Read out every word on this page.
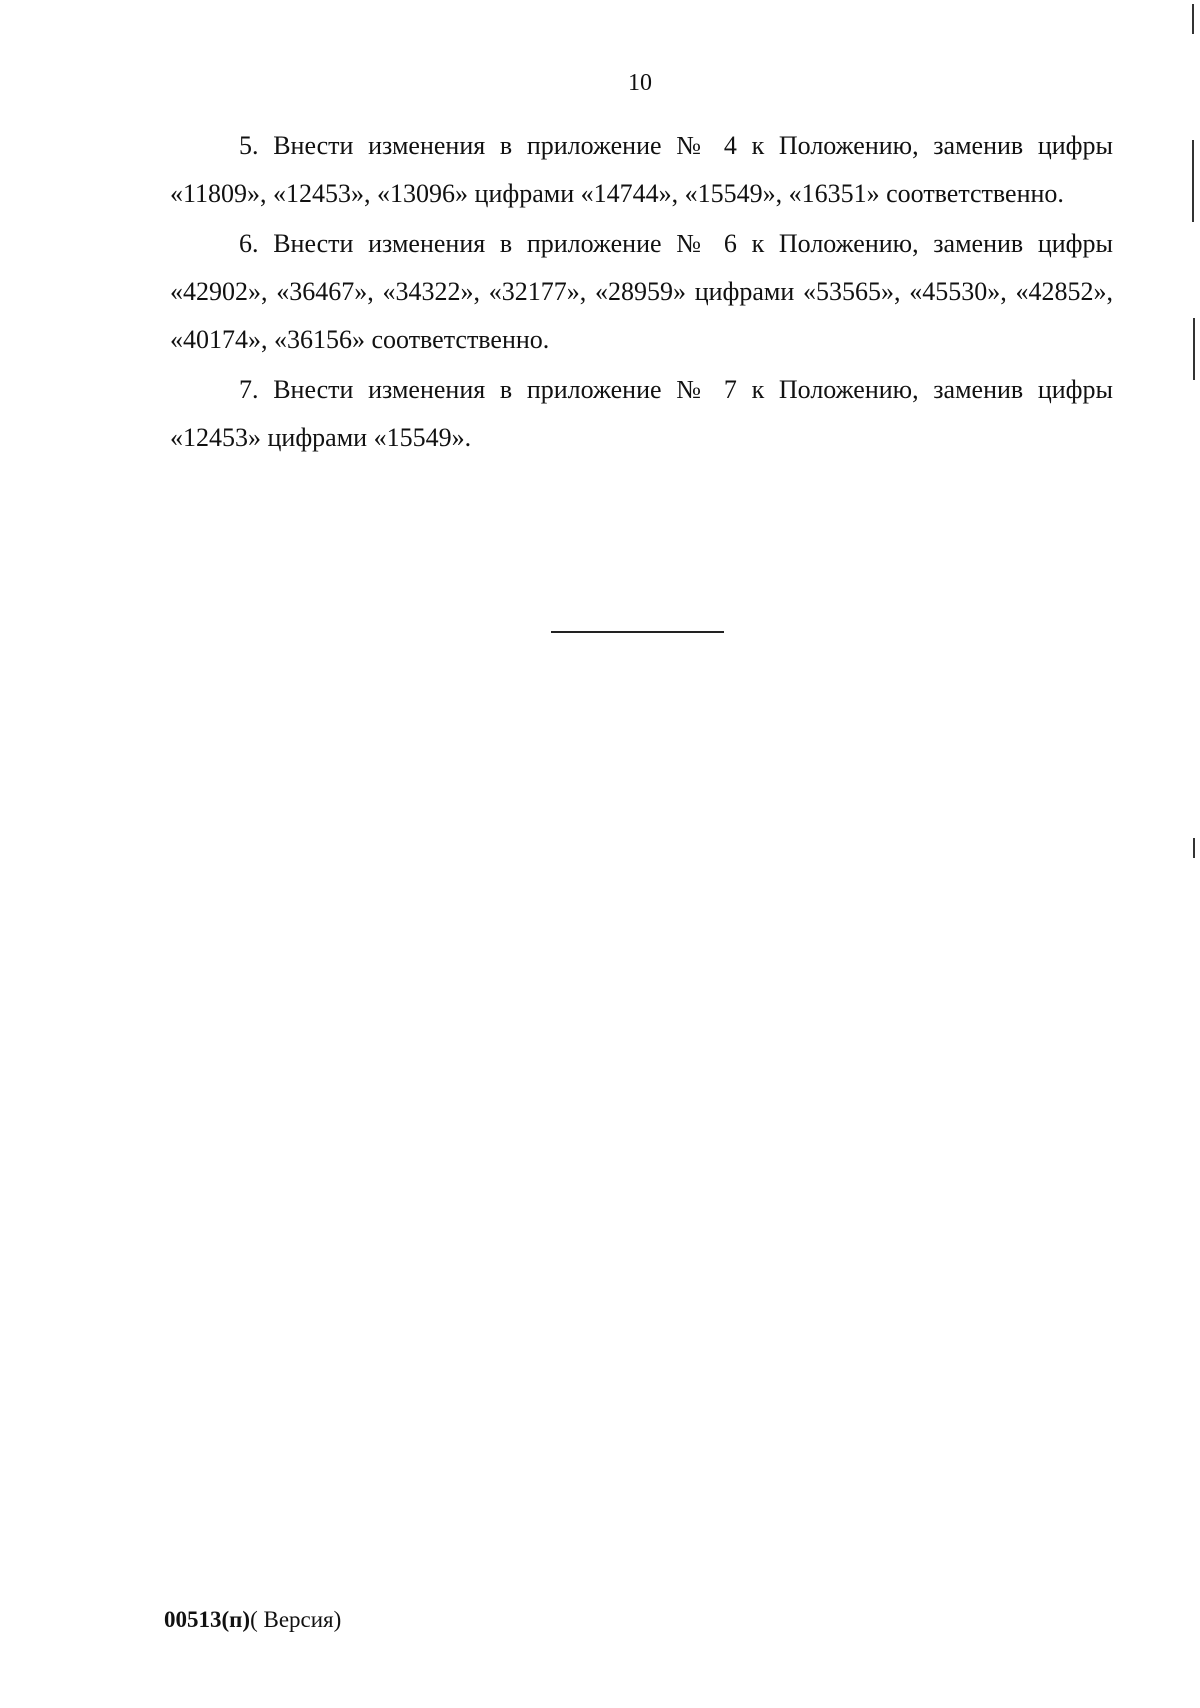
10

5. Внести изменения в приложение № 4 к Положению, заменив цифры «11809», «12453», «13096» цифрами «14744», «15549», «16351» соответственно.

6. Внести изменения в приложение № 6 к Положению, заменив цифры «42902», «36467», «34322», «32177», «28959» цифрами «53565», «45530», «42852», «40174», «36156» соответственно.

7. Внести изменения в приложение № 7 к Положению, заменив цифры «12453» цифрами «15549».

00513(п)( Версия)
